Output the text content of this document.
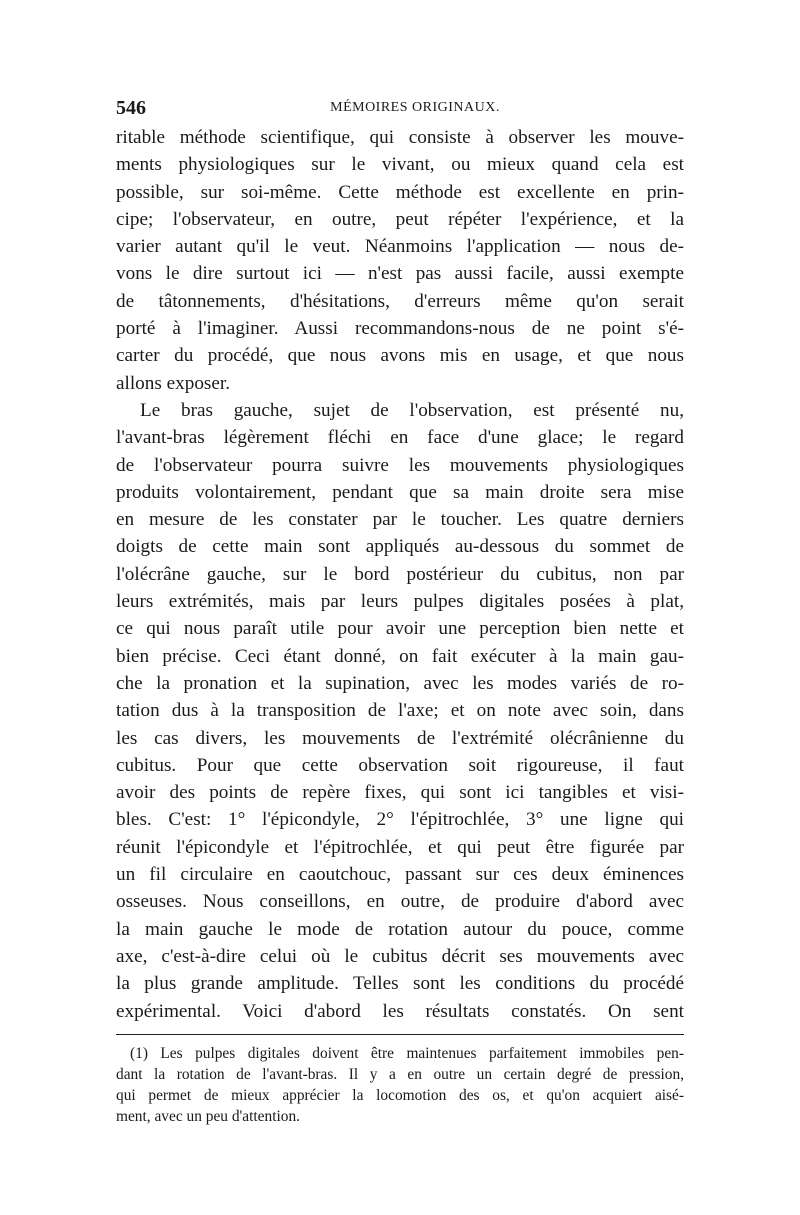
546	MÉMOIRES ORIGINAUX.
ritable méthode scientifique, qui consiste à observer les mouve-
ments physiologiques sur le vivant, ou mieux quand cela est
possible, sur soi-même. Cette méthode est excellente en prin-
cipe; l'observateur, en outre, peut répéter l'expérience, et la
varier autant qu'il le veut. Néanmoins l'application — nous de-
vons le dire surtout ici — n'est pas aussi facile, aussi exempte
de tâtonnements, d'hésitations, d'erreurs même qu'on serait
porté à l'imaginer. Aussi recommandons-nous de ne point s'é-
carter du procédé, que nous avons mis en usage, et que nous
allons exposer.
Le bras gauche, sujet de l'observation, est présenté nu,
l'avant-bras légèrement fléchi en face d'une glace; le regard
de l'observateur pourra suivre les mouvements physiologiques
produits volontairement, pendant que sa main droite sera mise
en mesure de les constater par le toucher. Les quatre derniers
doigts de cette main sont appliqués au-dessous du sommet de
l'olécrâne gauche, sur le bord postérieur du cubitus, non par
leurs extrémités, mais par leurs pulpes digitales posées à plat,
ce qui nous paraît utile pour avoir une perception bien nette et
bien précise. Ceci étant donné, on fait exécuter à la main gau-
che la pronation et la supination, avec les modes variés de ro-
tation dus à la transposition de l'axe; et on note avec soin, dans
les cas divers, les mouvements de l'extrémité olécrânienne du
cubitus. Pour que cette observation soit rigoureuse, il faut
avoir des points de repère fixes, qui sont ici tangibles et visi-
bles. C'est: 1° l'épicondyle, 2° l'épitrochlée, 3° une ligne qui
réunit l'épicondyle et l'épitrochlée, et qui peut être figurée par
un fil circulaire en caoutchouc, passant sur ces deux éminences
osseuses. Nous conseillons, en outre, de produire d'abord avec
la main gauche le mode de rotation autour du pouce, comme
axe, c'est-à-dire celui où le cubitus décrit ses mouvements avec
la plus grande amplitude. Telles sont les conditions du procédé
expérimental. Voici d'abord les résultats constatés. On sent
(1) Les pulpes digitales doivent être maintenues parfaitement immobiles pen-
dant la rotation de l'avant-bras. Il y a en outre un certain degré de pression,
qui permet de mieux apprécier la locomotion des os, et qu'on acquiert aisé-
ment, avec un peu d'attention.
